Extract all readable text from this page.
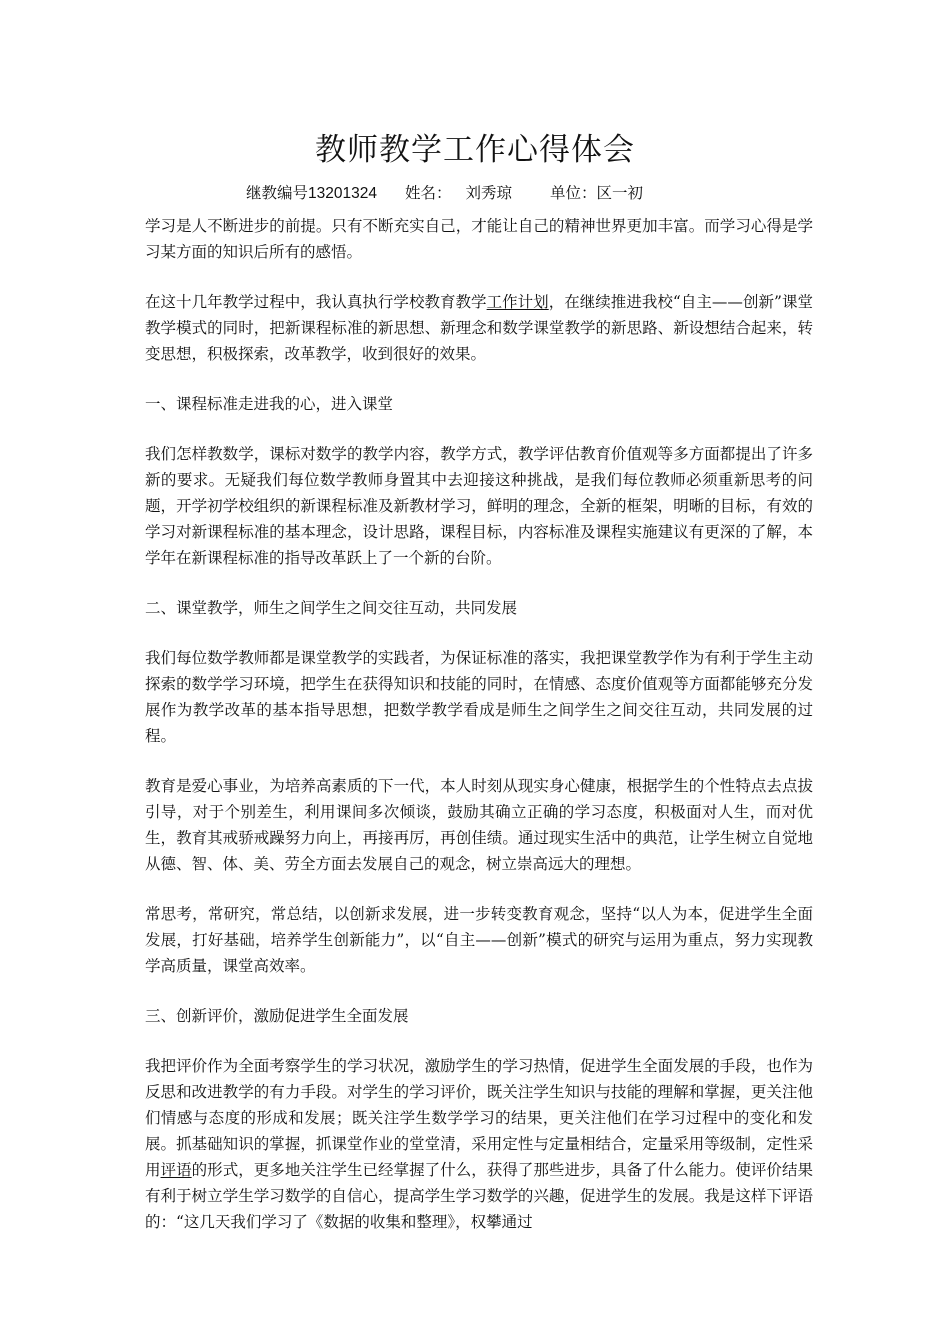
教师教学工作心得体会
继教编号13201324 姓名： 刘秀琼 单位：区一初

学习是人不断进步的前提。只有不断充实自己，才能让自己的精神世界更加丰富。而学习心得是学习某方面的知识后所有的感悟。

在这十几年教学过程中，我认真执行学校教育教学工作计划，在继续推进我校“自主——创新”课堂教学模式的同时，把新课程标准的新思想、新理念和数学课堂教学的新思路、新设想结合起来，转变思想，积极探索，改革教学，收到很好的效果。

一、课程标准走进我的心，进入课堂

我们怎样教数学，课标对数学的教学内容，教学方式，教学评估教育价值观等多方面都提出了许多新的要求。无疑我们每位数学教师身置其中去迎接这种挑战，是我们每位教师必须重新思考的问题，开学初学校组织的新课程标准及新教材学习，鲜明的理念，全新的框架，明晰的目标，有效的学习对新课程标准的基本理念，设计思路，课程目标，内容标准及课程实施建议有更深的了解，本学年在新课程标准的指导改革跃上了一个新的台阶。

二、课堂教学，师生之间学生之间交往互动，共同发展

我们每位数学教师都是课堂教学的实践者，为保证标准的落实，我把课堂教学作为有利于学生主动探索的数学学习环境，把学生在获得知识和技能的同时，在情感、态度价值观等方面都能够充分发展作为教学改革的基本指导思想，把数学教学看成是师生之间学生之间交往互动，共同发展的过程。

教育是爱心事业，为培养高素质的下一代，本人时刻从现实身心健康，根据学生的个性特点去点拔引导，对于个别差生，利用课间多次倾谈，鼓励其确立正确的学习态度，积极面对人生，而对优生，教育其戒骄戒躁努力向上，再接再厉，再创佳绩。通过现实生活中的典范，让学生树立自觉地从德、智、体、美、劳全方面去发展自己的观念，树立崇高远大的理想。

常思考，常研究，常总结，以创新求发展，进一步转变教育观念，坚持“以人为本，促进学生全面发展，打好基础，培养学生创新能力”，以“自主——创新”模式的研究与运用为重点，努力实现教学高质量，课堂高效率。

三、创新评价，激励促进学生全面发展

我把评价作为全面考察学生的学习状况，激励学生的学习热情，促进学生全面发展的手段，也作为反思和改进教学的有力手段。对学生的学习评价，既关注学生知识与技能的理解和掌握，更关注他们情感与态度的形成和发展；既关注学生数学学习的结果，更关注他们在学习过程中的变化和发展。抓基础知识的掌握，抓课堂作业的堂堂清，采用定性与定量相结合，定量采用等级制，定性采用评语的形式，更多地关注学生已经掌握了什么，获得了那些进步，具备了什么能力。使评价结果有利于树立学生学习数学的自信心，提高学生学习数学的兴趣，促进学生的发展。我是这样下评语的：“这几天我们学习了《数据的收集和整理》，权攀通过
